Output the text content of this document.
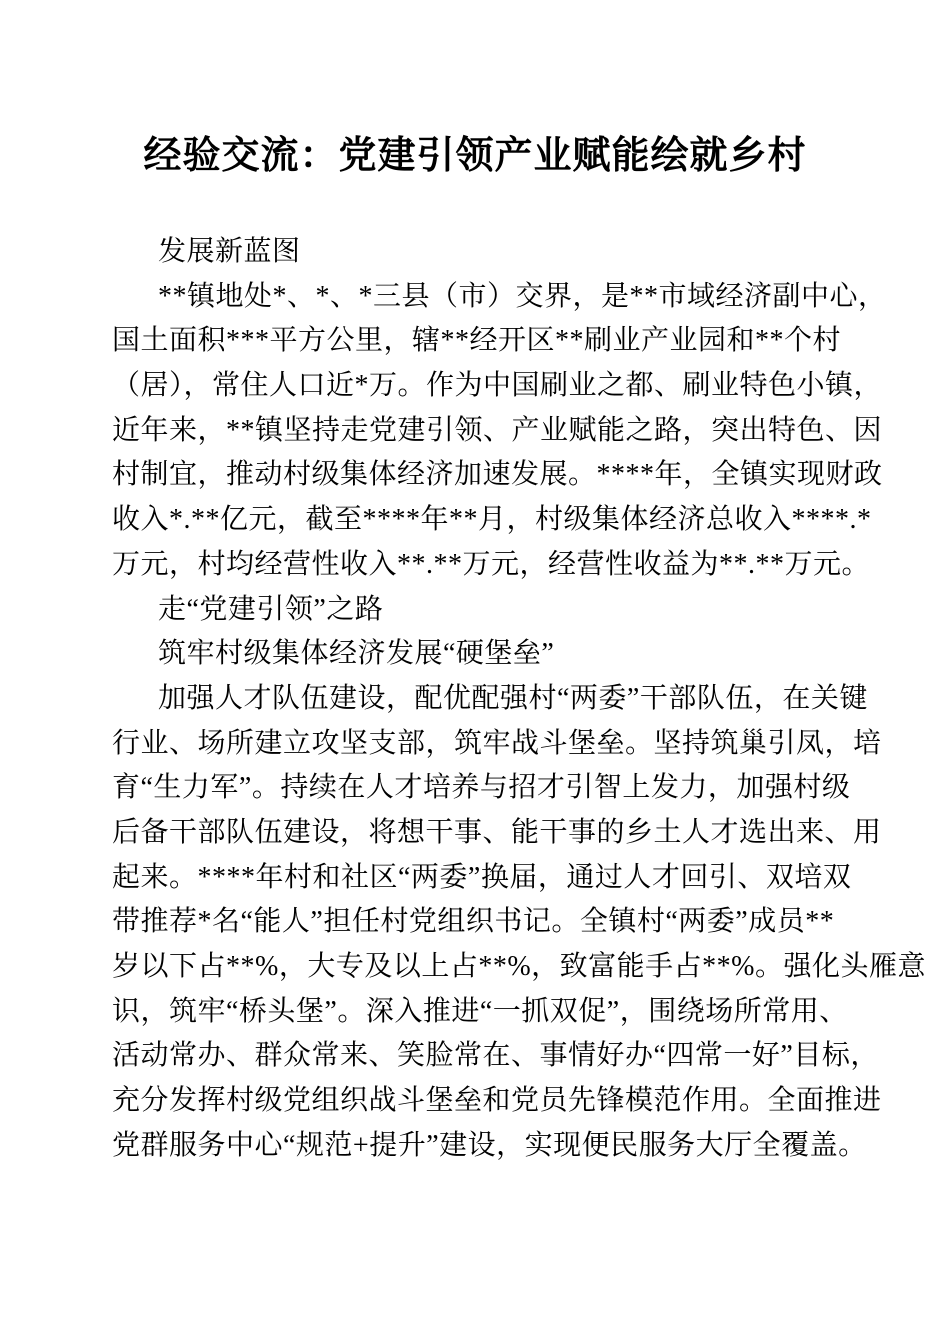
经验交流：党建引领产业赋能绘就乡村
发展新蓝图
**镇地处*、*、*三县（市）交界，是**市域经济副中心，
国土面积***平方公里，辖**经开区**刷业产业园和**个村
（居），常住人口近*万。作为中国刷业之都、刷业特色小镇，
近年来，**镇坚持走党建引领、产业赋能之路，突出特色、因
村制宜，推动村级集体经济加速发展。****年，全镇实现财政
收入*.**亿元，截至****年**月，村级集体经济总收入****.*
万元，村均经营性收入**.**万元，经营性收益为**.**万元。
走“党建引领”之路
筑牢村级集体经济发展“硬堡垒”
加强人才队伍建设，配优配强村“两委”干部队伍，在关键
行业、场所建立攻坚支部，筑牢战斗堡垒。坚持筑巢引凤，培
育“生力军”。持续在人才培养与招才引智上发力，加强村级
后备干部队伍建设，将想干事、能干事的乡土人才选出来、用
起来。****年村和社区“两委”换届，通过人才回引、双培双
带推荐*名“能人”担任村党组织书记。全镇村“两委”成员**
岁以下占**%，大专及以上占**%，致富能手占**%。强化头雁意
识，筑牢“桥头堡”。深入推进“一抓双促”，围绕场所常用、
活动常办、群众常来、笑脸常在、事情好办“四常一好”目标，
充分发挥村级党组织战斗堡垒和党员先锋模范作用。全面推进
党群服务中心“规范+提升”建设，实现便民服务大厅全覆盖。
